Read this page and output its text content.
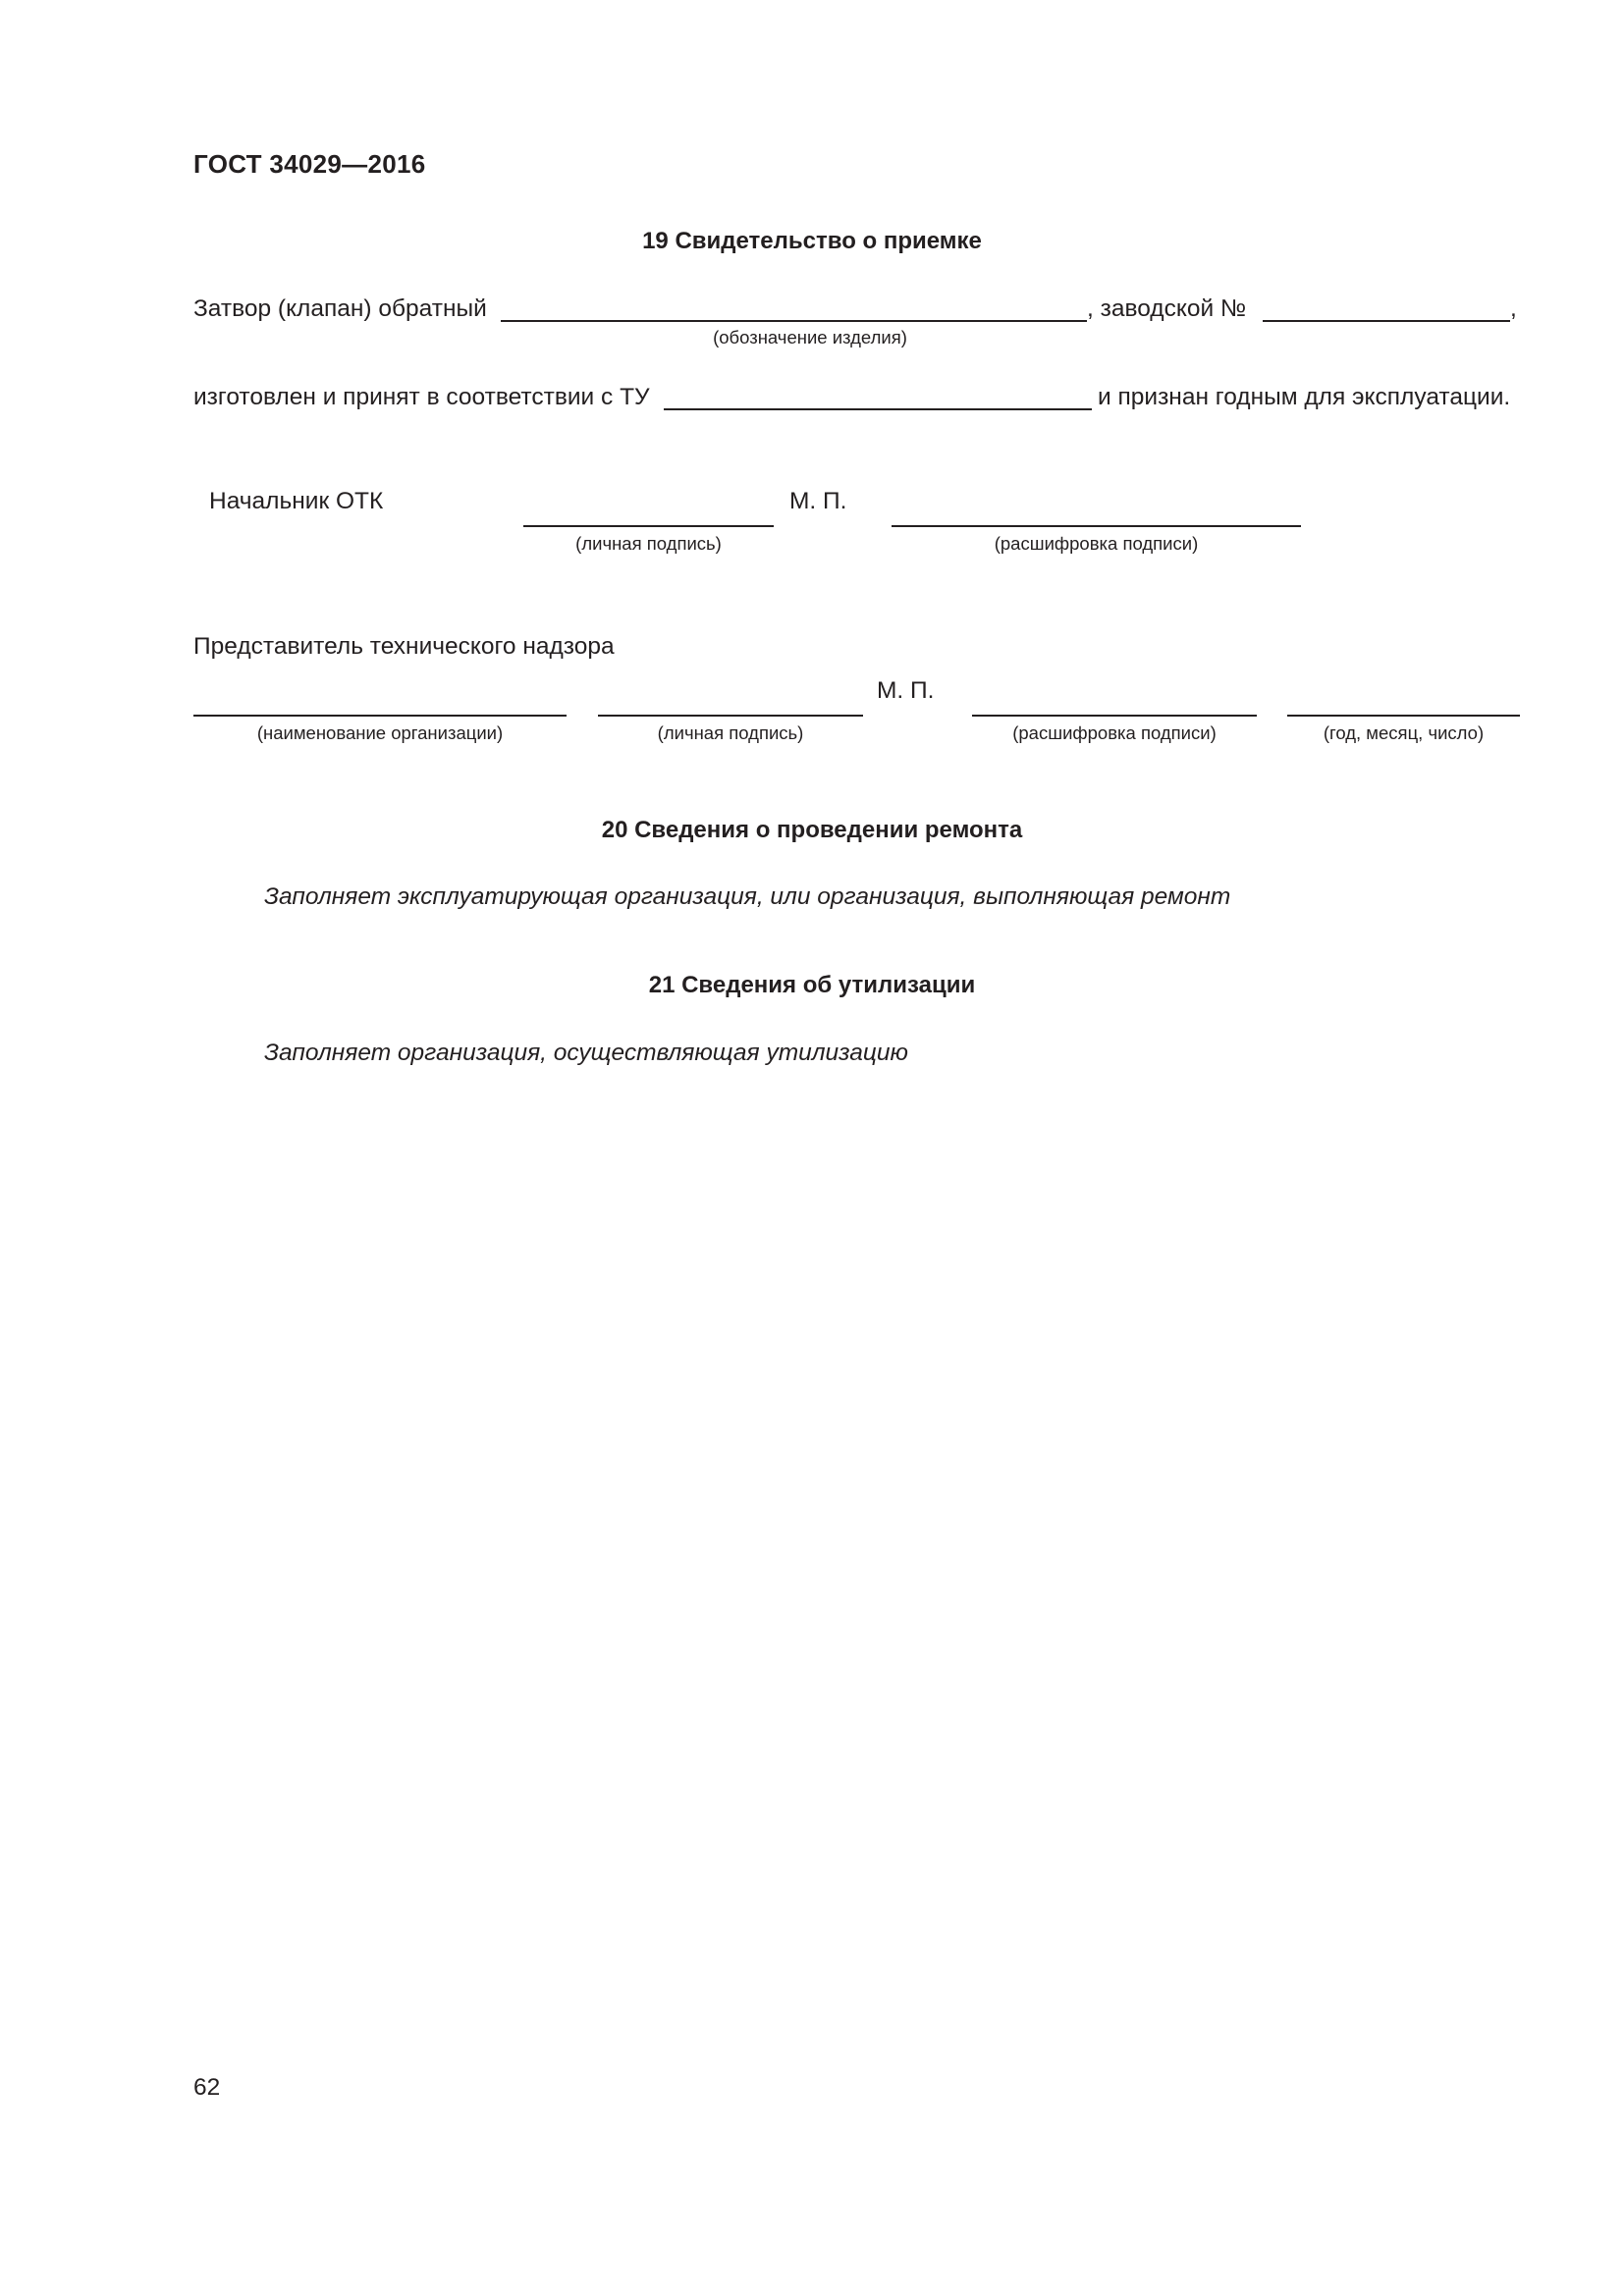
ГОСТ 34029—2016
19 Свидетельство о приемке
Затвор (клапан) обратный	, заводской №	,
(обозначение изделия)
изготовлен и принят в соответствии с ТУ	и признан годным для эксплуатации.
Начальник ОТК	М. П.
(личная подпись)	(расшифровка подписи)
Представитель технического надзора
М. П.
(наименование организации)	(личная подпись)	(расшифровка подписи)	(год, месяц, число)
20 Сведения о проведении ремонта
Заполняет эксплуатирующая организация, или организация, выполняющая ремонт
21 Сведения об утилизации
Заполняет организация, осуществляющая утилизацию
62
